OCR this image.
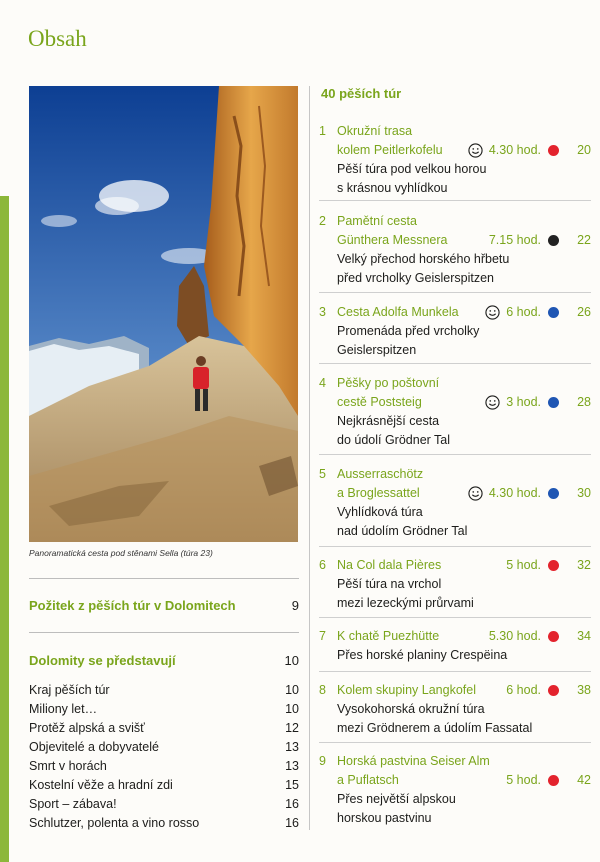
Obsah
Panoramatická cesta pod stěnami Sella (túra 23)
Požitek z pěších túr v Dolomitech	9
Dolomity se představují	10
Kraj pěších túr	10
Miliony let…	10
Protěž alpská a svišť	12
Objevitelé a dobyvatelé	13
Smrt v horách	13
Kostelní věže a hradní zdi	15
Sport – zábava!	16
Schlutzer, polenta a vino rosso	16
40 pěších túr
1 Okružní trasa
kolem Peitlerkofelu	4.30 hod.	20
Pěší túra pod velkou horou
s krásnou vyhlídkou
2 Pamětní cesta
Günthera Messnera	7.15 hod.	22
Velký přechod horského hřbetu
před vrcholky Geislerspitzen
3 Cesta Adolfa Munkela	6 hod.	26
Promenáda před vrcholky
Geislerspitzen
4 Pěšky po poštovní
cestě Poststeig	3 hod.	28
Nejkrásnější cesta
do údolí Grödner Tal
5 Ausserraschötz
a Broglessattel	4.30 hod.	30
Vyhlídková túra
nad údolím Grödner Tal
6 Na Col dala Pières	5 hod.	32
Pěší túra na vrchol
mezi lezeckými průrvami
7 K chatě Puezhütte	5.30 hod.	34
Přes horské planiny Crespëina
8 Kolem skupiny Langkofel 6 hod.	38
Vysokohorská okružní túra
mezi Grödnerem a údolím Fassatal
9 Horská pastvina Seiser Alm
a Puflatsch	5 hod.	42
Přes největší alpskou
horskou pastvinu
